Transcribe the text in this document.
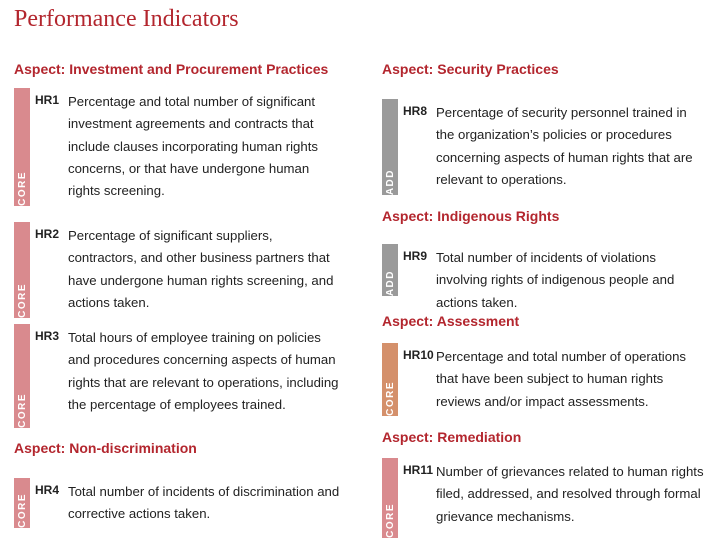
Performance Indicators
Aspect: Investment and Procurement Practices
CORE
HR1 Percentage and total number of significant investment agreements and contracts that include clauses incorporating human rights concerns, or that have undergone human rights screening.
CORE
HR2 Percentage of significant suppliers, contractors, and other business partners that have undergone human rights screening, and actions taken.
CORE
HR3 Total hours of employee training on policies and procedures concerning aspects of human rights that are relevant to operations, including the percentage of employees trained.
Aspect: Non-discrimination
CORE
HR4 Total number of incidents of discrimination and corrective actions taken.
Aspect: Security Practices
ADD
HR8 Percentage of security personnel trained in the organization’s policies or procedures concerning aspects of human rights that are relevant to operations.
Aspect: Indigenous Rights
ADD
HR9 Total number of incidents of violations involving rights of indigenous people and actions taken.
Aspect: Assessment
CORE
HR10 Percentage and total number of operations that have been subject to human rights reviews and/or impact assessments.
Aspect: Remediation
CORE
HR11 Number of grievances related to human rights filed, addressed, and resolved through formal grievance mechanisms.
